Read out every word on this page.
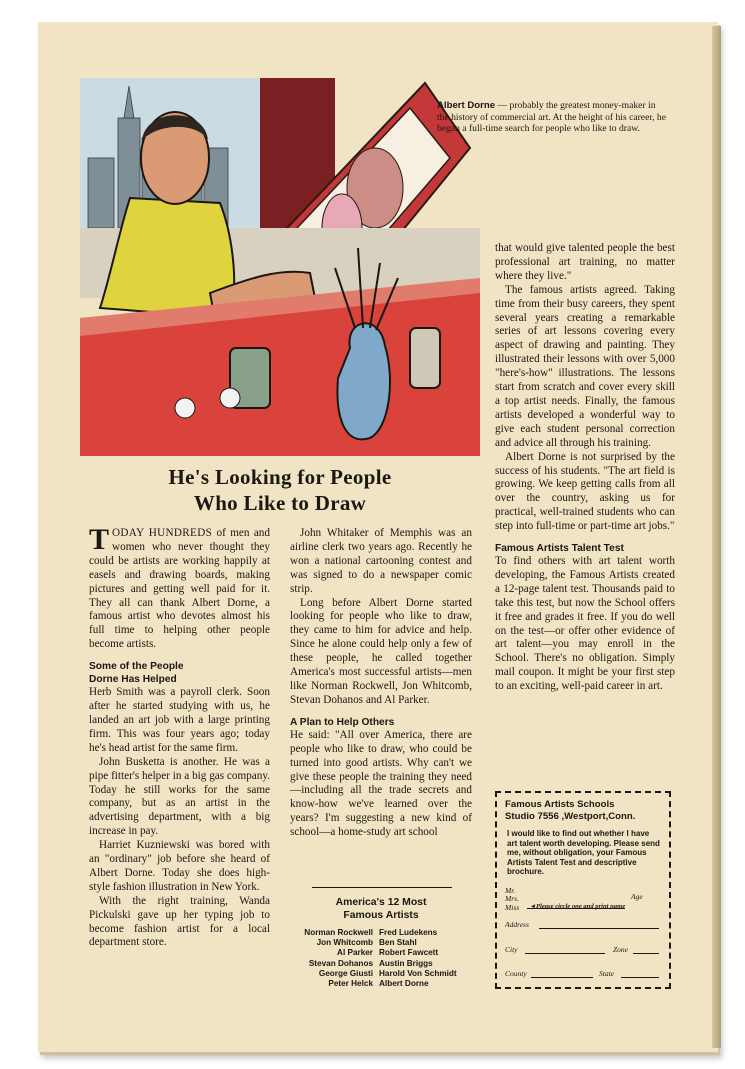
Albert Dorne — probably the greatest money-maker in the history of commercial art. At the height of his career, he began a full-time search for people who like to draw.
He's Looking for People
Who Like to Draw

TODAY HUNDREDS of men and women who never thought they could be artists are working happily at easels and drawing boards, making pictures and getting well paid for it. They all can thank Albert Dorne, a famous artist who devotes almost his full time to helping other people become artists.

Some of the People
Dorne Has Helped

Herb Smith was a payroll clerk. Soon after he started studying with us, he landed an art job with a large printing firm. This was four years ago; today he's head artist for the same firm.

John Busketta is another. He was a pipe fitter's helper in a big gas company. Today he still works for the same company, but as an artist in the advertising department, with a big increase in pay.

Harriet Kuzniewski was bored with an "ordinary" job before she heard of Albert Dorne. Today she does high-style fashion illustration in New York.

With the right training, Wanda Pickulski gave up her typing job to become fashion artist for a local department store.

John Whitaker of Memphis was an airline clerk two years ago. Recently he won a national cartooning contest and was signed to do a newspaper comic strip.

Long before Albert Dorne started looking for people who like to draw, they came to him for advice and help. Since he alone could help only a few of these people, he called together America's most successful artists—men like Norman Rockwell, Jon Whitcomb, Stevan Dohanos and Al Parker.

A Plan to Help Others

He said: "All over America, there are people who like to draw, who could be turned into good artists. Why can't we give these people the training they need—including all the trade secrets and know-how we've learned over the years? I'm suggesting a new kind of school—a home-study art school

America's 12 Most
Famous Artists
Norman Rockwell Fred Ludekens
Jon Whitcomb Ben Stahl
Al Parker Robert Fawcett
Stevan Dohanos Austin Briggs
George Giusti Harold Von Schmidt
Peter Helck Albert Dorne

that would give talented people the best professional art training, no matter where they live."

The famous artists agreed. Taking time from their busy careers, they spent several years creating a remarkable series of art lessons covering every aspect of drawing and painting. They illustrated their lessons with over 5,000 "here's-how" illustrations. The lessons start from scratch and cover every skill a top artist needs. Finally, the famous artists developed a wonderful way to give each student personal correction and advice all through his training.

Albert Dorne is not surprised by the success of his students. "The art field is growing. We keep getting calls from all over the country, asking us for practical, well-trained students who can step into full-time or part-time art jobs."

Famous Artists Talent Test

To find others with art talent worth developing, the Famous Artists created a 12-page talent test. Thousands paid to take this test, but now the School offers it free and grades it free. If you do well on the test—or offer other evidence of art talent—you may enroll in the School. There's no obligation. Simply mail coupon. It might be your first step to an exciting, well-paid career in art.

Famous Artists Schools
Studio 7556 ,Westport,Conn.
I would like to find out whether I have art talent worth developing. Please send me, without obligation, your Famous Artists Talent Test and descriptive brochure.
Mr.
Mrs.
Miss
Age
◂ Please circle one and print name
Address
City	Zone
County	State
